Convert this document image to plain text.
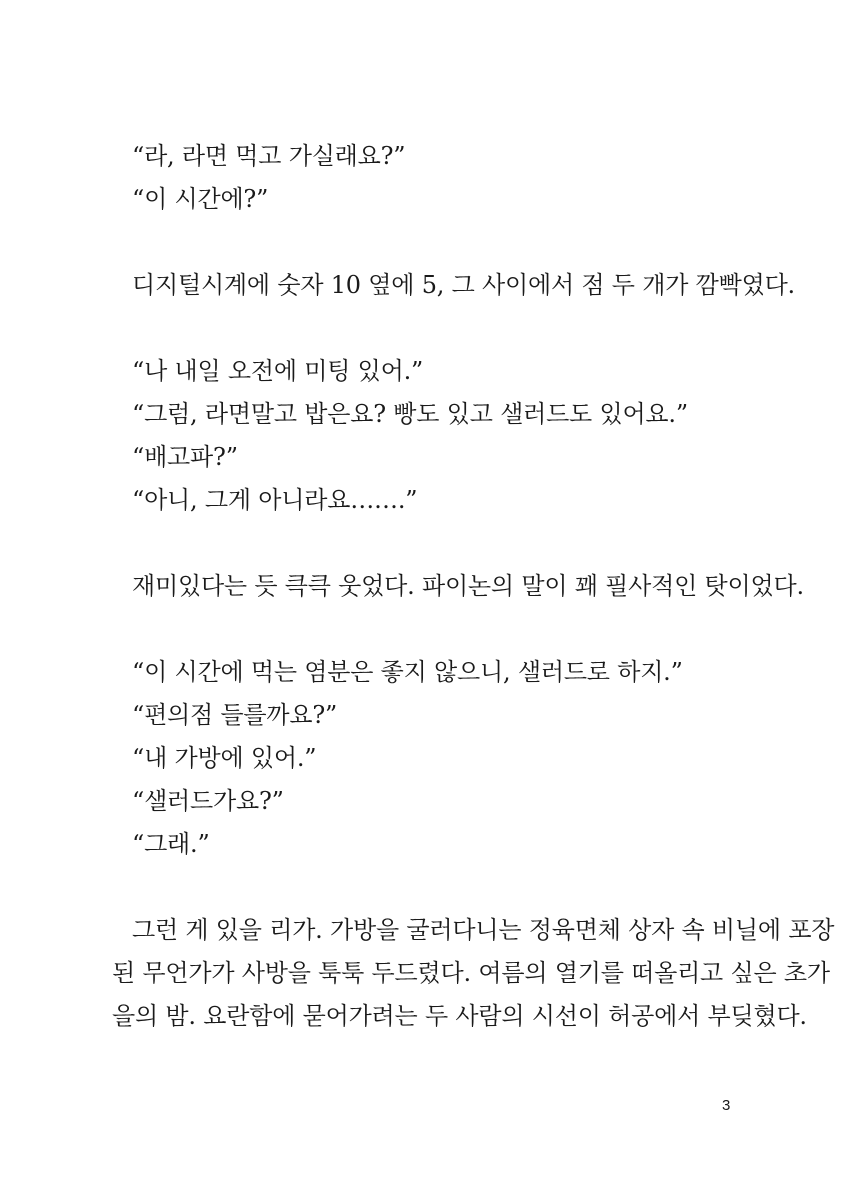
“라, 라면 먹고 가실래요?”
“이 시간에?”
디지털시계에 숫자 10 옆에 5, 그 사이에서 점 두 개가 깜빡였다.
“나 내일 오전에 미팅 있어.”
“그럼, 라면말고 밥은요? 빵도 있고 샐러드도 있어요.”
“배고파?”
“아니, 그게 아니라요…….”
재미있다는 듯 큭큭 웃었다. 파이논의 말이 꽤 필사적인 탓이었다.
“이 시간에 먹는 염분은 좋지 않으니, 샐러드로 하지.”
“편의점 들를까요?”
“내 가방에 있어.”
“샐러드가요?”
“그래.”
그런 게 있을 리가. 가방을 굴러다니는 정육면체 상자 속 비닐에 포장
된 무언가가 사방을 툭툭 두드렸다. 여름의 열기를 떠올리고 싶은 초가
을의 밤. 요란함에 묻어가려는 두 사람의 시선이 허공에서 부딪혔다.
3
